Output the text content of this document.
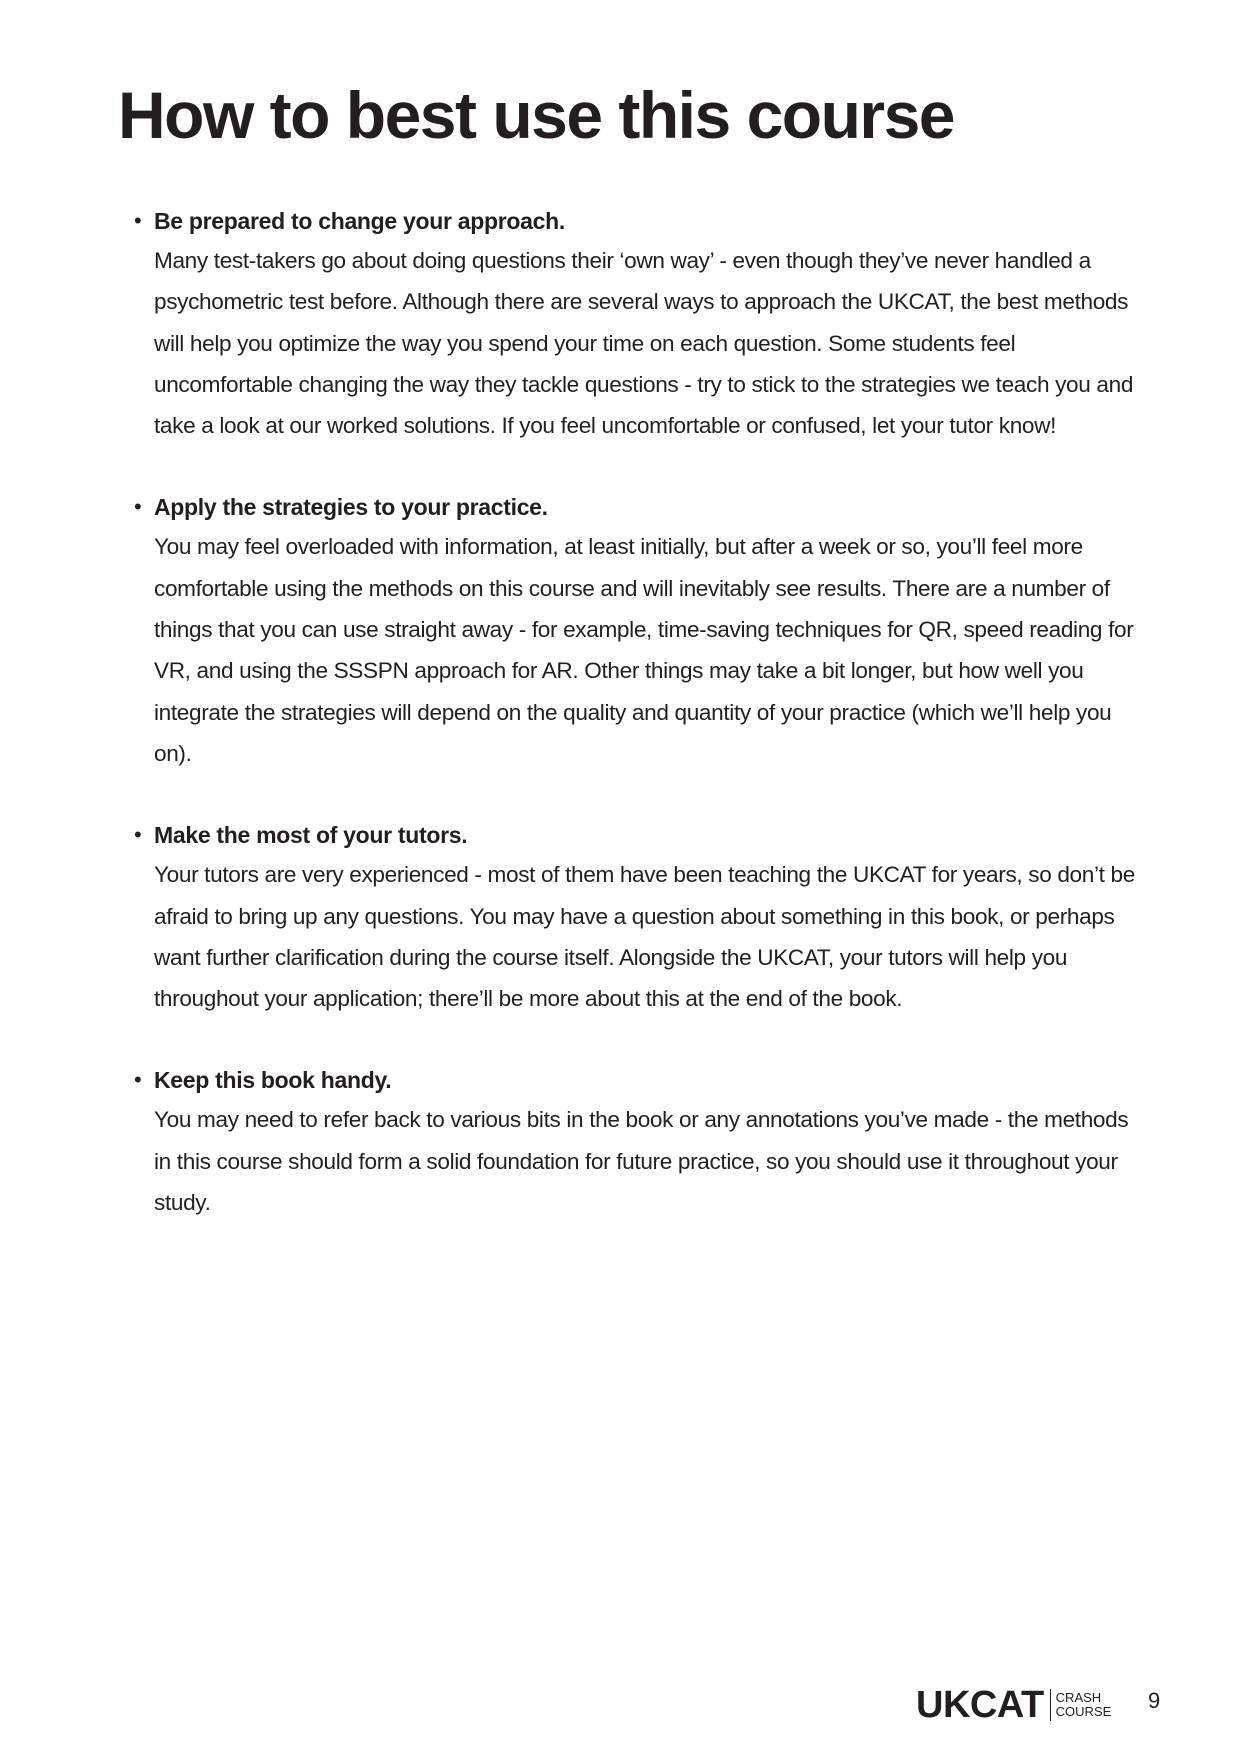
How to best use this course
• Be prepared to change your approach.

Many test-takers go about doing questions their ‘own way’ - even though they’ve never handled a psychometric test before. Although there are several ways to approach the UKCAT, the best methods will help you optimize the way you spend your time on each question. Some students feel uncomfortable changing the way they tackle questions - try to stick to the strategies we teach you and take a look at our worked solutions. If you feel uncomfortable or confused, let your tutor know!

• Apply the strategies to your practice.

You may feel overloaded with information, at least initially, but after a week or so, you’ll feel more comfortable using the methods on this course and will inevitably see results. There are a number of things that you can use straight away - for example, time-saving techniques for QR, speed reading for VR, and using the SSSPN approach for AR. Other things may take a bit longer, but how well you integrate the strategies will depend on the quality and quantity of your practice (which we’ll help you on).

• Make the most of your tutors.

Your tutors are very experienced - most of them have been teaching the UKCAT for years, so don’t be afraid to bring up any questions. You may have a question about something in this book, or perhaps want further clarification during the course itself. Alongside the UKCAT, your tutors will help you throughout your application; there’ll be more about this at the end of the book.

• Keep this book handy.

You may need to refer back to various bits in the book or any annotations you’ve made - the methods in this course should form a solid foundation for future practice, so you should use it throughout your study.

UKCAT CRASH
COURSE 9
